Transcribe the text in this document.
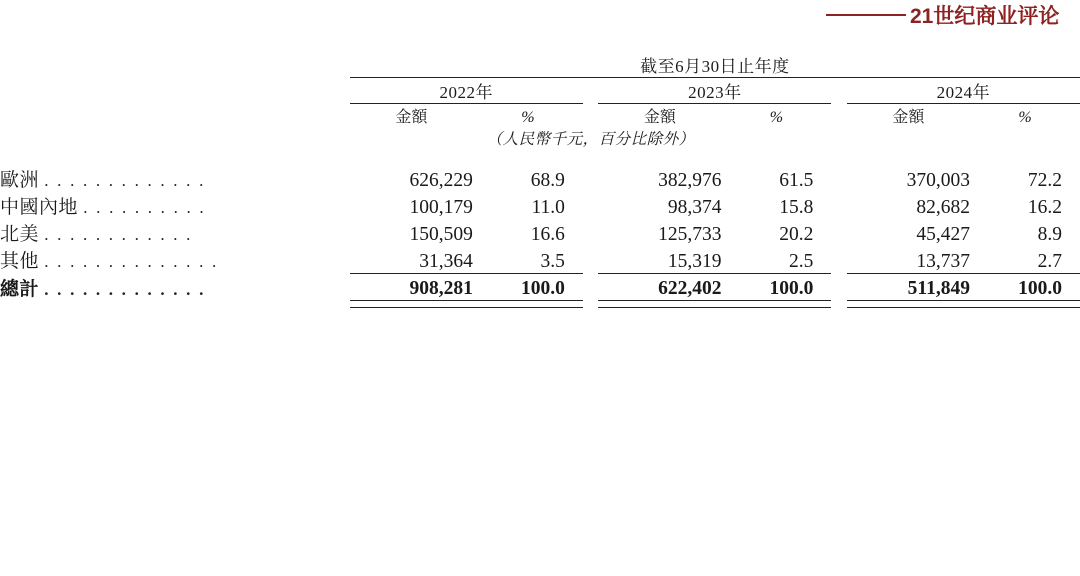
21世纪商业评论
	截至6月30日止年度							

	2022年			2023年			2024年	

	金額	%		金額	%		金額	%
	（人民幣千元，百分比除外）							

歐洲 . . . . . . . . . . . . .	626,229	68.9		382,976	61.5		370,003	72.2
中國內地 . . . . . . . . . .	100,179	11.0		98,374	15.8		82,682	16.2
北美 . . . . . . . . . . . .	150,509	16.6		125,733	20.2		45,427	8.9
其他 . . . . . . . . . . . . . .	31,364	3.5		15,319	2.5		13,737	2.7

總計 . . . . . . . . . . . . .	908,281	100.0		622,402	100.0		511,849	100.0
